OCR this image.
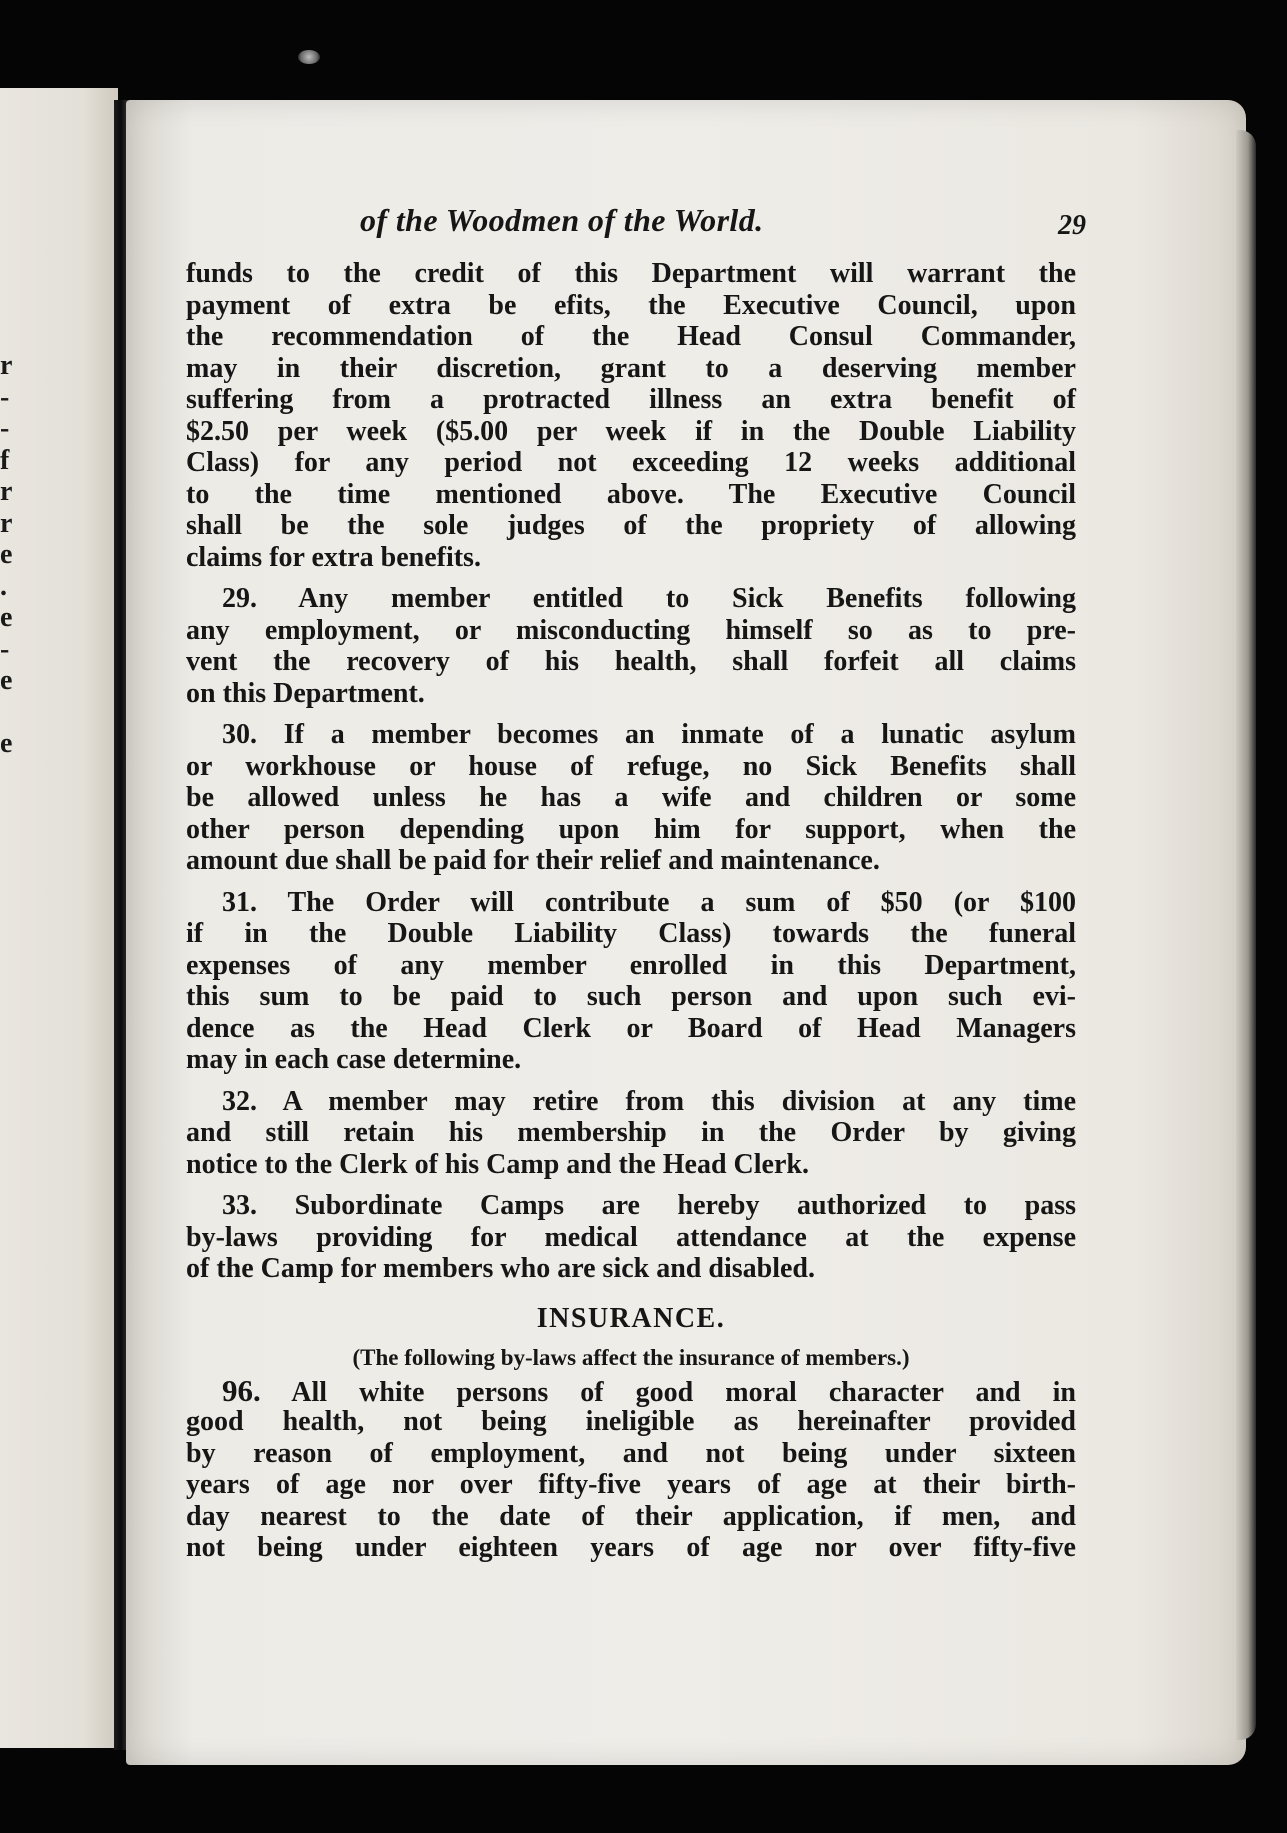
r
-
-
f
r
r
e
.
e
-
e
e
of the Woodmen of the World.	29
funds to the credit of this Department will warrant the
payment of extra be efits, the Executive Council, upon
the recommendation of the Head Consul Commander,
may in their discretion, grant to a deserving member
suffering from a protracted illness an extra benefit of
$2.50 per week ($5.00 per week if in the Double Liability
Class) for any period not exceeding 12 weeks additional
to the time mentioned above. The Executive Council
shall be the sole judges of the propriety of allowing
claims for extra benefits.
29. Any member entitled to Sick Benefits following
any employment, or misconducting himself so as to pre-
vent the recovery of his health, shall forfeit all claims
on this Department.
30. If a member becomes an inmate of a lunatic asylum
or workhouse or house of refuge, no Sick Benefits shall
be allowed unless he has a wife and children or some
other person depending upon him for support, when the
amount due shall be paid for their relief and maintenance.
31. The Order will contribute a sum of $50 (or $100
if in the Double Liability Class) towards the funeral
expenses of any member enrolled in this Department,
this sum to be paid to such person and upon such evi-
dence as the Head Clerk or Board of Head Managers
may in each case determine.
32. A member may retire from this division at any time
and still retain his membership in the Order by giving
notice to the Clerk of his Camp and the Head Clerk.
33. Subordinate Camps are hereby authorized to pass
by-laws providing for medical attendance at the expense
of the Camp for members who are sick and disabled.
INSURANCE.
(The following by-laws affect the insurance of members.)
96. All white persons of good moral character and in
good health, not being ineligible as hereinafter provided
by reason of employment, and not being under sixteen
years of age nor over fifty-five years of age at their birth-
day nearest to the date of their application, if men, and
not being under eighteen years of age nor over fifty-five
